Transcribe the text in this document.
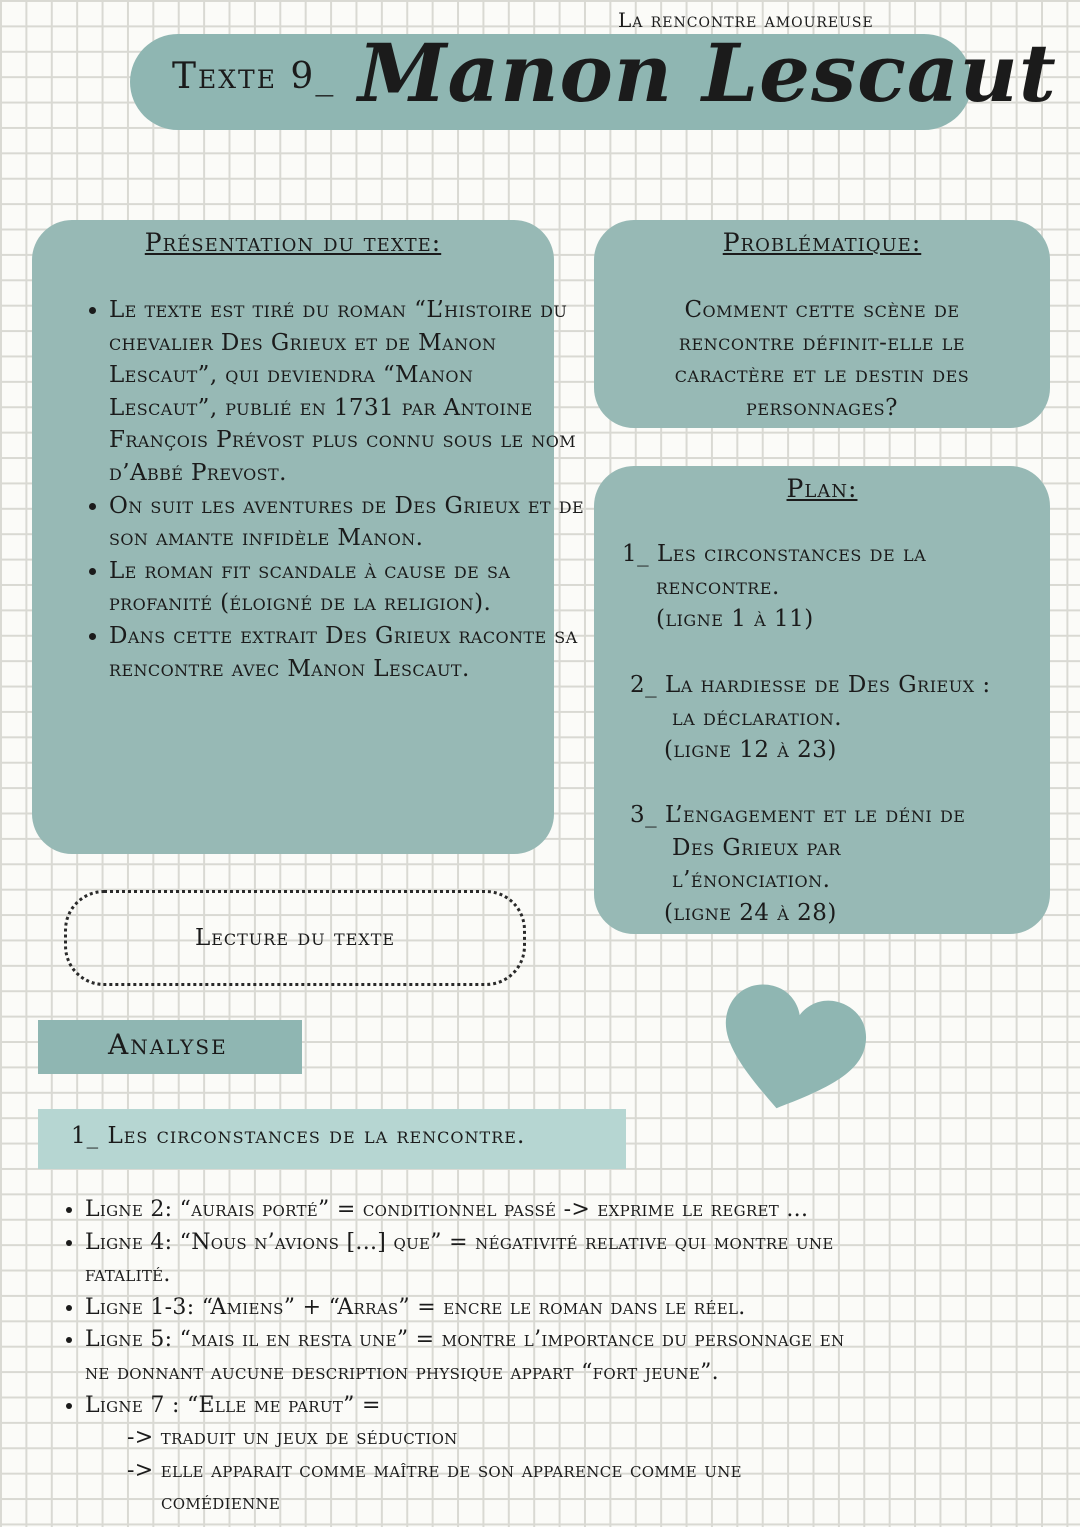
La rencontre amoureuse
Texte 9_ Manon Lescaut
Présentation du texte:
• Le texte est tiré du roman “L’histoire du chevalier Des Grieux et de Manon Lescaut”, qui deviendra “Manon Lescaut”, publié en 1731 par Antoine François Prévost plus connu sous le nom d’Abbé Prevost.
• On suit les aventures de Des Grieux et de son amante infidèle Manon.
• Le roman fit scandale à cause de sa profanité (éloigné de la religion).
• Dans cette extrait Des Grieux raconte sa rencontre avec Manon Lescaut.
Problématique:
Comment cette scène de
rencontre définit-elle le
caractère et le destin des
personnages?
Plan:
1_ Les circonstances de la
rencontre.
(ligne 1 à 11)
2_ La hardiesse de Des Grieux :
la déclaration.
(ligne 12 à 23)
3_ L’engagement et le déni de
Des Grieux par
l’énonciation.
(ligne 24 à 28)
Lecture du texte
Analyse
1_ Les circonstances de la rencontre.
• Ligne 2: “aurais porté” = conditionnel passé -> exprime le regret ...
• Ligne 4: “Nous n’avions [...] que” = négativité relative qui montre une
fatalité.
• Ligne 1-3: “Amiens” + “Arras” = encre le roman dans le réel.
• Ligne 5: “mais il en resta une” = montre l’importance du personnage en
ne donnant aucune description physique appart “fort jeune”.
• Ligne 7 : “Elle me parut” =
-> traduit un jeux de séduction
-> elle apparait comme maître de son apparence comme une
comédienne
